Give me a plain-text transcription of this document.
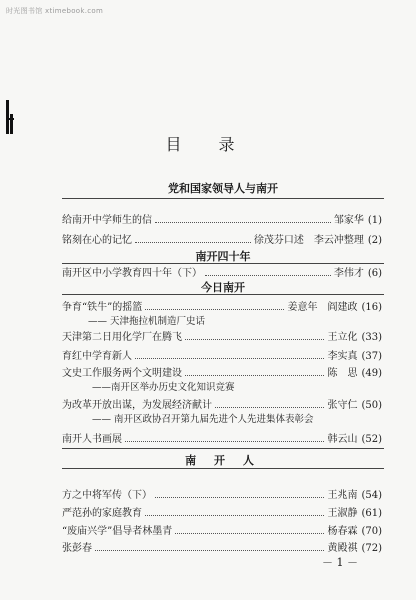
时光图书馆 xtimebook.com
目 录
党和国家领导人与南开
给南开中学师生的信	邹家华 (1)
铭刻在心的记忆	徐茂芬口述　李云冲整理 (2)
南开四十年
南开区中小学教育四十年（下）	李伟才 (6)
今日南开
争育“铁牛”的摇篮	姜意年　阎建政 (16)
—— 天津拖拉机制造厂史话
天津第二日用化学厂在腾飞	王立化 (33)
育红中学育新人	李实真 (37)
文史工作服务两个文明建设	陈　思 (49)
——南开区举办历史文化知识竞赛
为改革开放出谋，为发展经济献计	张守仁 (50)
—— 南开区政协召开第九届先进个人先进集体表彰会
南开人书画展	韩云山 (52)
南 开 人
方之中将军传（下）	王兆南 (54)
严范孙的家庭教育	王淑静 (61)
“废庙兴学”倡导者林墨青	杨春霖 (70)
张彭春	黄殿祺 (72)
－ 1 －
